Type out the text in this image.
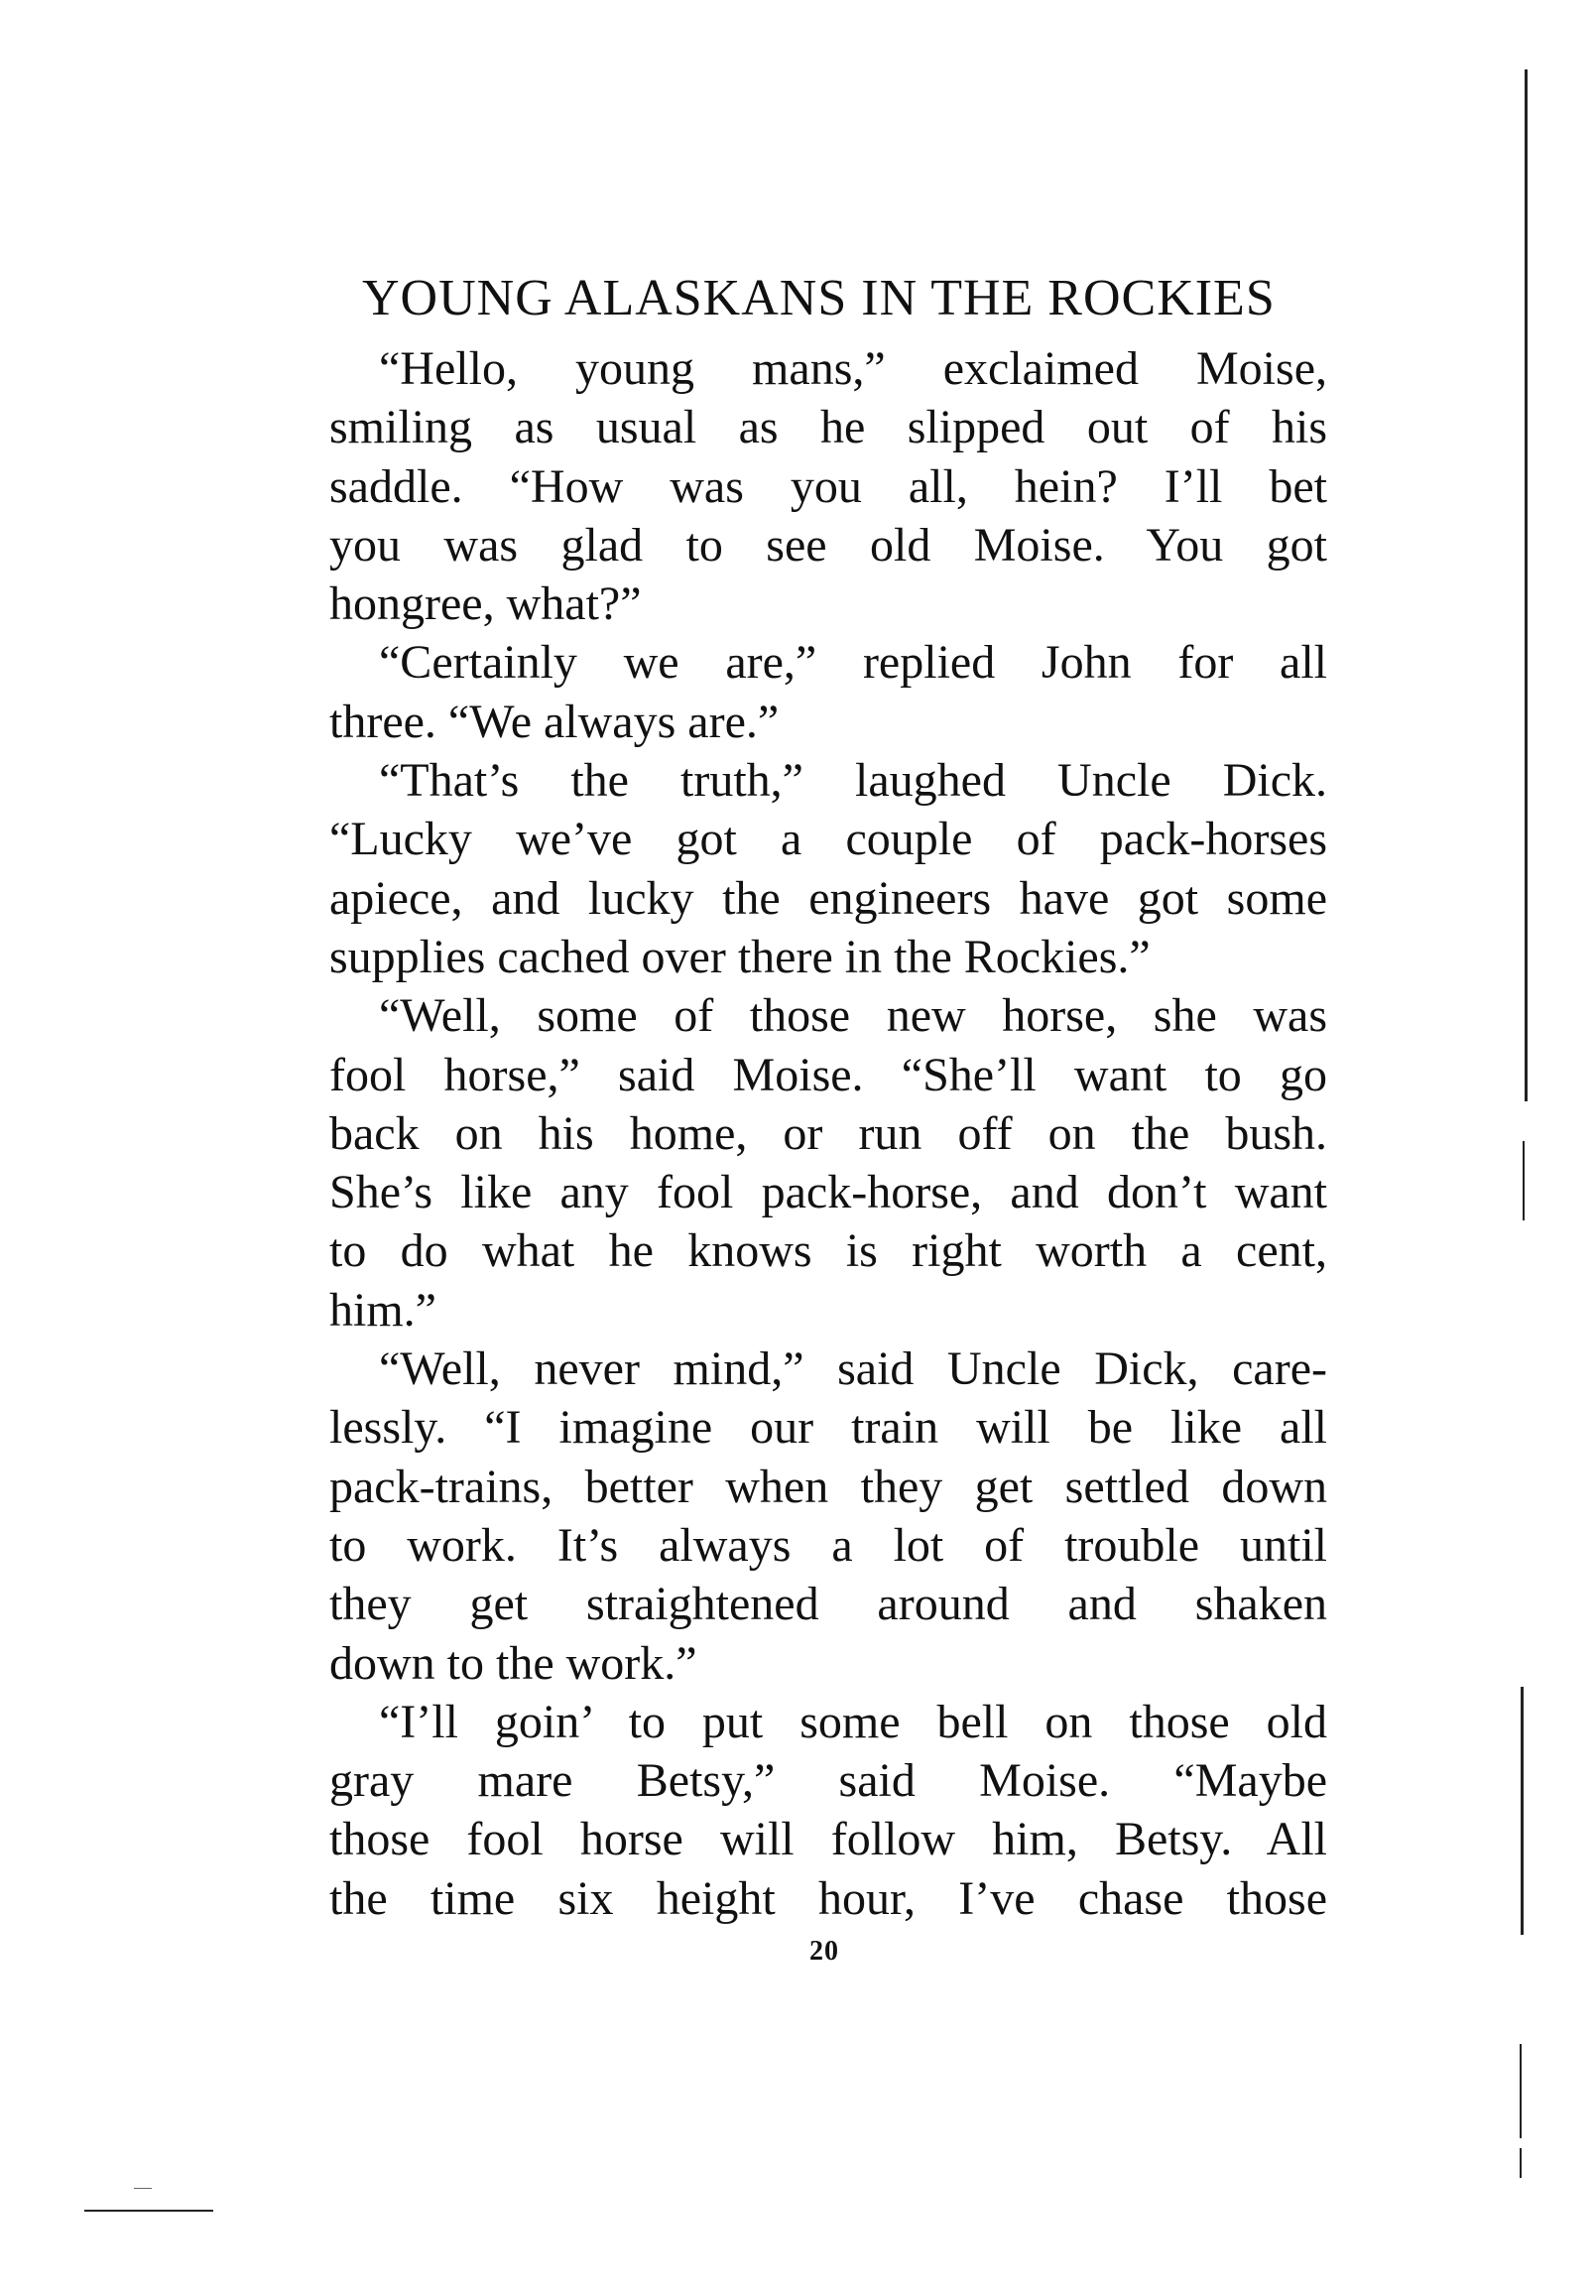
YOUNG ALASKANS IN THE ROCKIES
“Hello, young mans,” exclaimed Moise,
smiling as usual as he slipped out of his
saddle. “How was you all, hein? I’ll bet
you was glad to see old Moise. You got
hongree, what?”
“Certainly we are,” replied John for all
three. “We always are.”
“That’s the truth,” laughed Uncle Dick.
“Lucky we’ve got a couple of pack-horses
apiece, and lucky the engineers have got some
supplies cached over there in the Rockies.”
“Well, some of those new horse, she was
fool horse,” said Moise. “She’ll want to go
back on his home, or run off on the bush.
She’s like any fool pack-horse, and don’t want
to do what he knows is right worth a cent,
him.”
“Well, never mind,” said Uncle Dick, care-
lessly. “I imagine our train will be like all
pack-trains, better when they get settled down
to work. It’s always a lot of trouble until
they get straightened around and shaken
down to the work.”
“I’ll goin’ to put some bell on those old
gray mare Betsy,” said Moise. “Maybe
those fool horse will follow him, Betsy. All
the time six height hour, I’ve chase those
20
